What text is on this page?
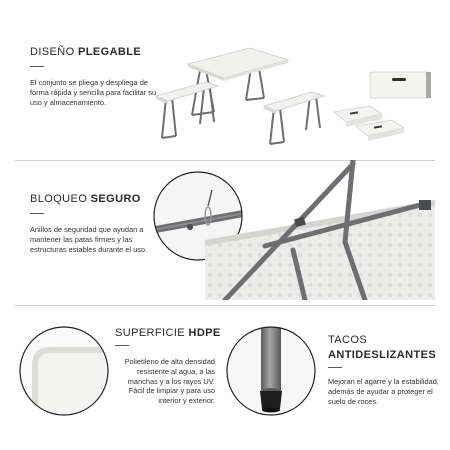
DISEÑO PLEGABLE
El conjunto se pliega y despliega de forma rápida y sencilla para facilitar su uso y almacenamiento.
BLOQUEO SEGURO
Anillos de seguridad que ayudan a mantener las patas firmes y las estructuras estables durante el uso.
SUPERFICIE HDPE
Polietileno de alta densidad resistente al agua, a las manchas y a los rayos UV. Fácil de limpiar y para uso interior y exterior.
TACOS
ANTIDESLIZANTES
Mejoran el agarre y la estabilidad, además de ayudar a proteger el suelo de roces.
